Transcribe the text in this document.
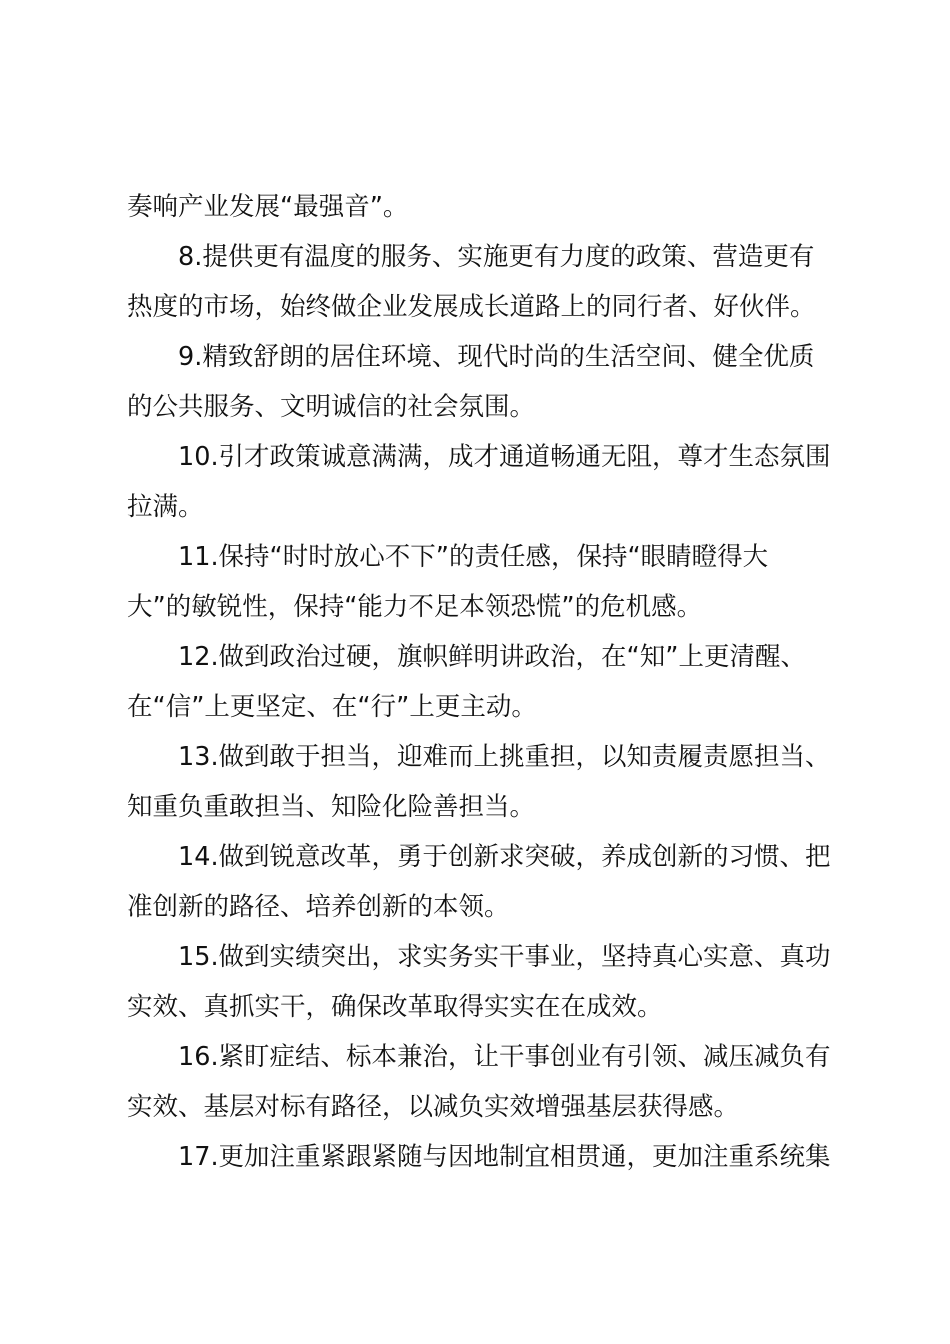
奏响产业发展“最强音”。
8.提供更有温度的服务、实施更有力度的政策、营造更有
热度的市场，始终做企业发展成长道路上的同行者、好伙伴。
9.精致舒朗的居住环境、现代时尚的生活空间、健全优质
的公共服务、文明诚信的社会氛围。
10.引才政策诚意满满，成才通道畅通无阻，尊才生态氛围
拉满。
11.保持“时时放心不下”的责任感，保持“眼睛瞪得大
大”的敏锐性，保持“能力不足本领恐慌”的危机感。
12.做到政治过硬，旗帜鲜明讲政治，在“知”上更清醒、
在“信”上更坚定、在“行”上更主动。
13.做到敢于担当，迎难而上挑重担，以知责履责愿担当、
知重负重敢担当、知险化险善担当。
14.做到锐意改革，勇于创新求突破，养成创新的习惯、把
准创新的路径、培养创新的本领。
15.做到实绩突出，求实务实干事业，坚持真心实意、真功
实效、真抓实干，确保改革取得实实在在成效。
16.紧盯症结、标本兼治，让干事创业有引领、减压减负有
实效、基层对标有路径，以减负实效增强基层获得感。
17.更加注重紧跟紧随与因地制宜相贯通，更加注重系统集
